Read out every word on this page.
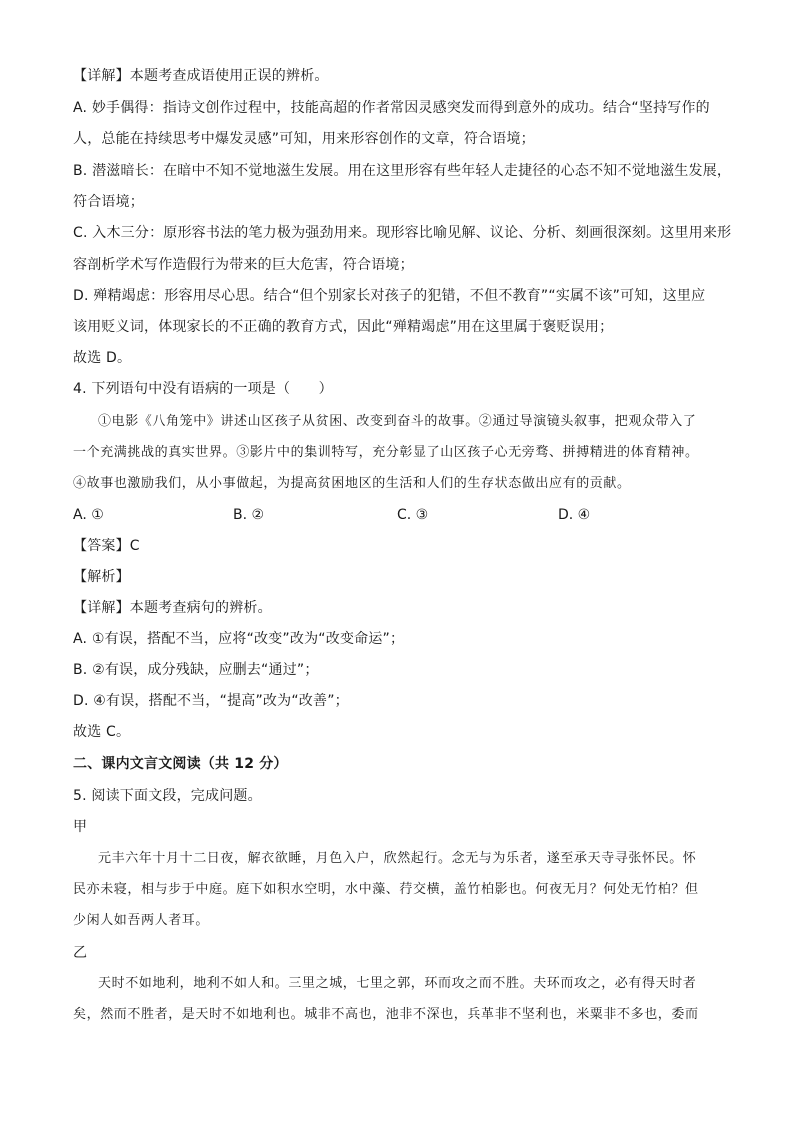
【详解】本题考查成语使用正误的辨析。
A. 妙手偶得：指诗文创作过程中，技能高超的作者常因灵感突发而得到意外的成功。结合“坚持写作的
人，总能在持续思考中爆发灵感”可知，用来形容创作的文章，符合语境；
B. 潜滋暗长：在暗中不知不觉地滋生发展。用在这里形容有些年轻人走捷径的心态不知不觉地滋生发展，
符合语境；
C. 入木三分：原形容书法的笔力极为强劲用来。现形容比喻见解、议论、分析、刻画很深刻。这里用来形
容剖析学术写作造假行为带来的巨大危害，符合语境；
D. 殚精竭虑：形容用尽心思。结合“但个别家长对孩子的犯错，不但不教育”“实属不该”可知，这里应
该用贬义词，体现家长的不正确的教育方式，因此“殚精竭虑”用在这里属于褒贬误用；
故选 D。
4. 下列语句中没有语病的一项是（　　）
①电影《八角笼中》讲述山区孩子从贫困、改变到奋斗的故事。②通过导演镜头叙事，把观众带入了
一个充满挑战的真实世界。③影片中的集训特写，充分彰显了山区孩子心无旁骛、拼搏精进的体育精神。
④故事也激励我们，从小事做起，为提高贫困地区的生活和人们的生存状态做出应有的贡献。
A. ①	B. ②	C. ③	D. ④
【答案】C
【解析】
【详解】本题考查病句的辨析。
A. ①有误，搭配不当，应将“改变”改为“改变命运”；
B. ②有误，成分残缺，应删去“通过”；
D. ④有误，搭配不当，“提高”改为“改善”；
故选 C。
二、课内文言文阅读（共 12 分）
5. 阅读下面文段，完成问题。
甲
元丰六年十月十二日夜，解衣欲睡，月色入户，欣然起行。念无与为乐者，遂至承天寺寻张怀民。怀
民亦未寝，相与步于中庭。庭下如积水空明，水中藻、荇交横，盖竹柏影也。何夜无月？何处无竹柏？但
少闲人如吾两人者耳。
乙
天时不如地利，地利不如人和。三里之城，七里之郭，环而攻之而不胜。夫环而攻之，必有得天时者
矣，然而不胜者，是天时不如地利也。城非不高也，池非不深也，兵革非不坚利也，米粟非不多也，委而
